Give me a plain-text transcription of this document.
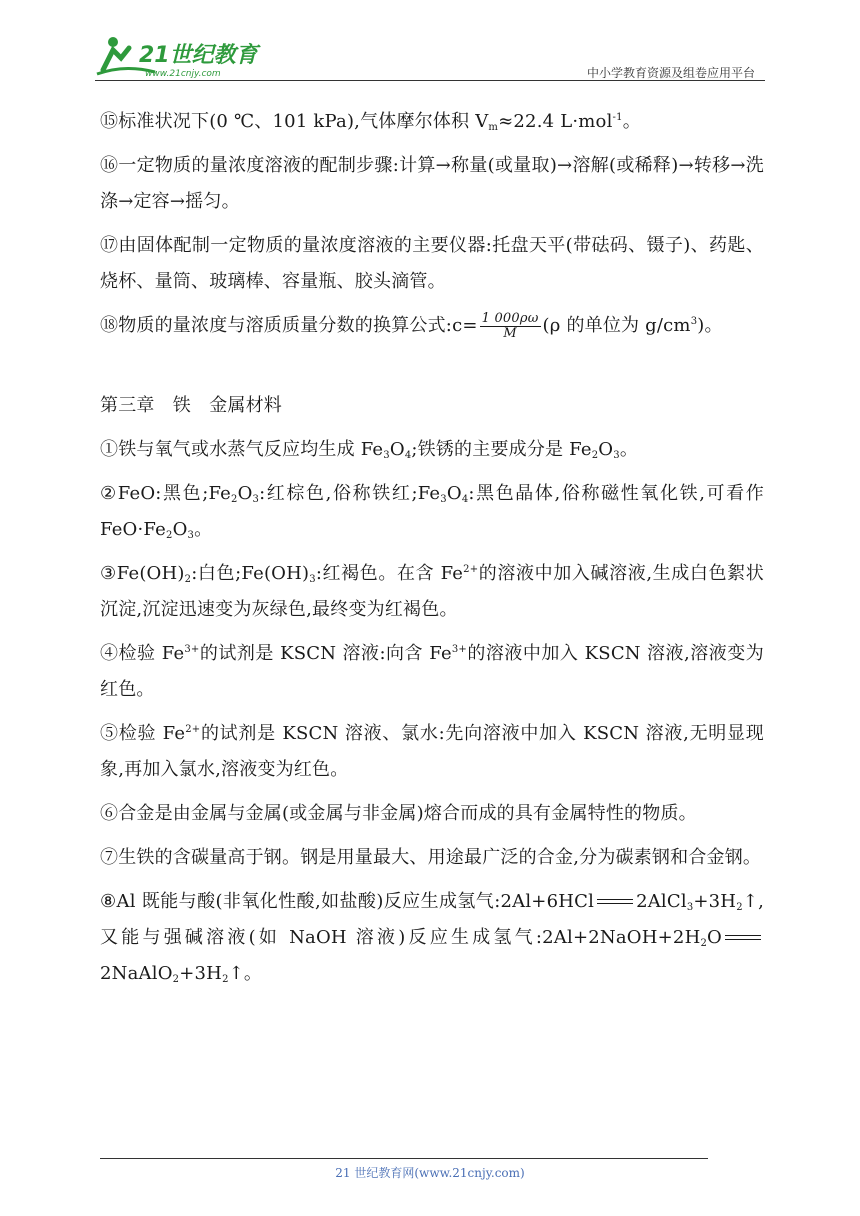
21世纪教育
www.21cnjy.com	中小学教育资源及组卷应用平台

⑮标准状况下(0 ℃、101 kPa),气体摩尔体积 $V_m\approx 22.4$ L·mol$^{-1}$。

⑯一定物质的量浓度溶液的配制步骤:计算→称量(或量取)→溶解(或稀释)→转移→洗涤→定容→摇匀。

⑰由固体配制一定物质的量浓度溶液的主要仪器:托盘天平(带砝码、镊子)、药匙、烧杯、量筒、玻璃棒、容量瓶、胶头滴管。

⑱物质的量浓度与溶质质量分数的换算公式:c= $\frac{1 000\rho\omega}{M} (\rho$ 的单位为 $g/cm^3$)。

第三章　铁　金属材料

①铁与氧气或水蒸气反应均生成 $Fe_3O_4$;铁锈的主要成分是 $Fe_2O_3$。

②FeO:黑色$;Fe_2O_3$:红棕色,俗称铁红$;Fe_3O_4$:黑色晶体,俗称磁性氧化铁,可看作 $FeO\cdot Fe_2O_3$。

$③Fe(OH)_2$:白色$;Fe(OH)_3$:红褐色。在含 $Fe^{2+}$的溶液中加入碱溶液,生成白色絮状沉淀,沉淀迅速变为灰绿色,最终变为红褐色。

④检验 $Fe^{3+}$的试剂是 KSCN 溶液:向含 $Fe^{3+}$的溶液中加入 KSCN 溶液,溶液变为红色。

⑤检验 $Fe^{2+}$的试剂是 KSCN 溶液、氯水:先向溶液中加入 KSCN 溶液,无明显现象,再加入氯水,溶液变为红色。

⑥合金是由金属与金属(或金属与非金属)熔合而成的具有金属特性的物质。

⑦生铁的含碳量高于钢。钢是用量最大、用途最广泛的合金,分为碳素钢和合金钢。

⑧Al 既能与酸(非氧化性酸,如盐酸)反应生成氢气:2Al+6HCl $2AlCl_3+3H_2↑$,又能与强碱溶液(如 NaOH 溶液)反应生成氢气$:2Al+2NaOH+2H_2O$ $2NaAlO_2+3H_2↑$。

21 世纪教育网(www.21cnjy.com)
